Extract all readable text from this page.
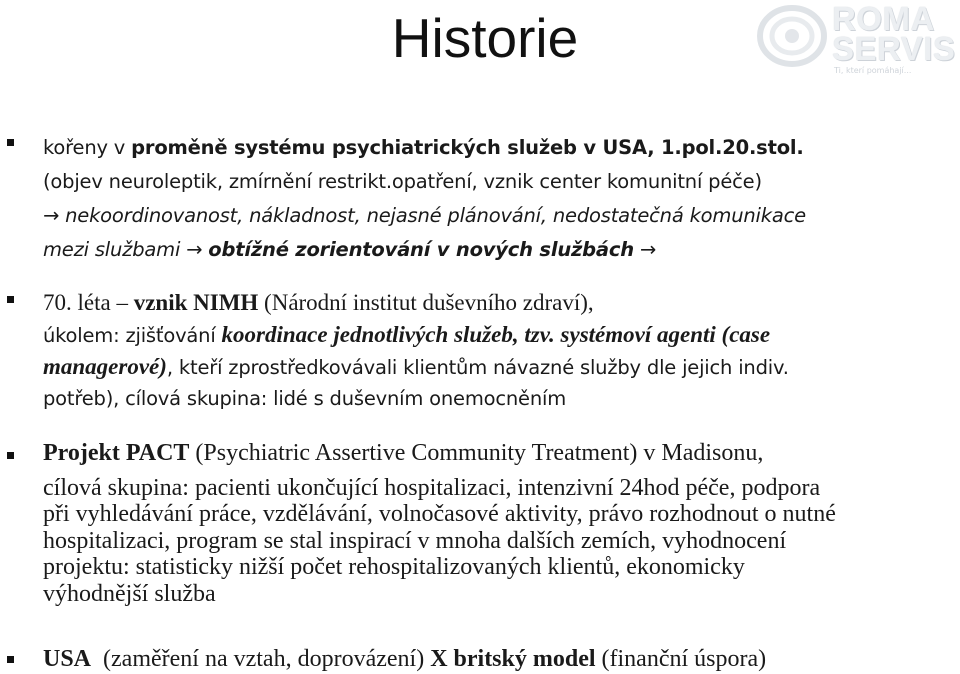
Historie	ROMA
SERVIS
Ti, kterí pomáhají...
kořeny v proměně systému psychiatrických služeb v USA, 1.pol.20.stol.
(objev neuroleptik, zmírnění restrikt.opatření, vznik center komunitní péče)
→ nekoordinovanost, nákladnost, nejasné plánování, nedostatečná komunikace
mezi službami → obtížné zorientování v nových službách →
70. léta – vznik NIMH (Národní institut duševního zdraví),
úkolem: zjišťování koordinace jednotlivých služeb, tzv. systémoví agenti (case
managerové), kteří zprostředkovávali klientům návazné služby dle jejich indiv.
potřeb), cílová skupina: lidé s duševním onemocněním
Projekt PACT (Psychiatric Assertive Community Treatment) v Madisonu,
cílová skupina: pacienti ukončující hospitalizaci, intenzivní 24hod péče, podpora
při vyhledávání práce, vzdělávání, volnočasové aktivity, právo rozhodnout o nutné
hospitalizaci, program se stal inspirací v mnoha dalších zemích, vyhodnocení
projektu: statisticky nižší počet rehospitalizovaných klientů, ekonomicky
výhodnější služba
USA  (zaměření na vztah, doprovázení) X britský model (finanční úspora)
